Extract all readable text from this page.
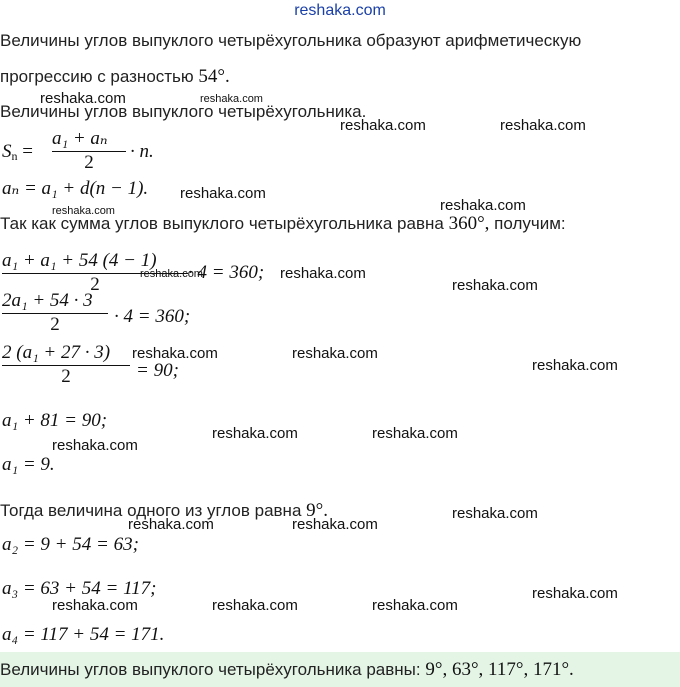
reshaka.com
Величины углов выпуклого четырёхугольника образуют арифметическую
прогрессию с разностью 54°.
Величины углов выпуклого четырёхугольника.
$S_n$ =
a₁ + aₙ
2
· n.
aₙ = a₁ + d(n − 1).
Так как сумма углов выпуклого четырёхугольника равна 360°, получим:
a₁ + a₁ + 54 (4 − 1)
2
· 4 = 360;
2a₁ + 54 · 3
2	· 4 = 360;
2 (a₁ + 27 · 3)
2	= 90;
a₁ + 81 = 90;
a₁ = 9.
Тогда величина одного из углов равна 9°.
a₂ = 9 + 54 = 63;
a₃ = 63 + 54 = 117;
a₄ = 117 + 54 = 171.
Величины углов выпуклого четырёхугольника равны: 9°, 63°, 117°, 171°.
reshaka.com	reshaka.com
reshaka.com	reshaka.com
reshaka.com
reshaka.com
reshaka.com
reshaka.com	reshaka.com
reshaka.com
reshaka.com	reshaka.com
reshaka.com
reshaka.com	reshaka.com
reshaka.com
reshaka.com
reshaka.com	reshaka.com
reshaka.com
reshaka.com	reshaka.com	reshaka.com
